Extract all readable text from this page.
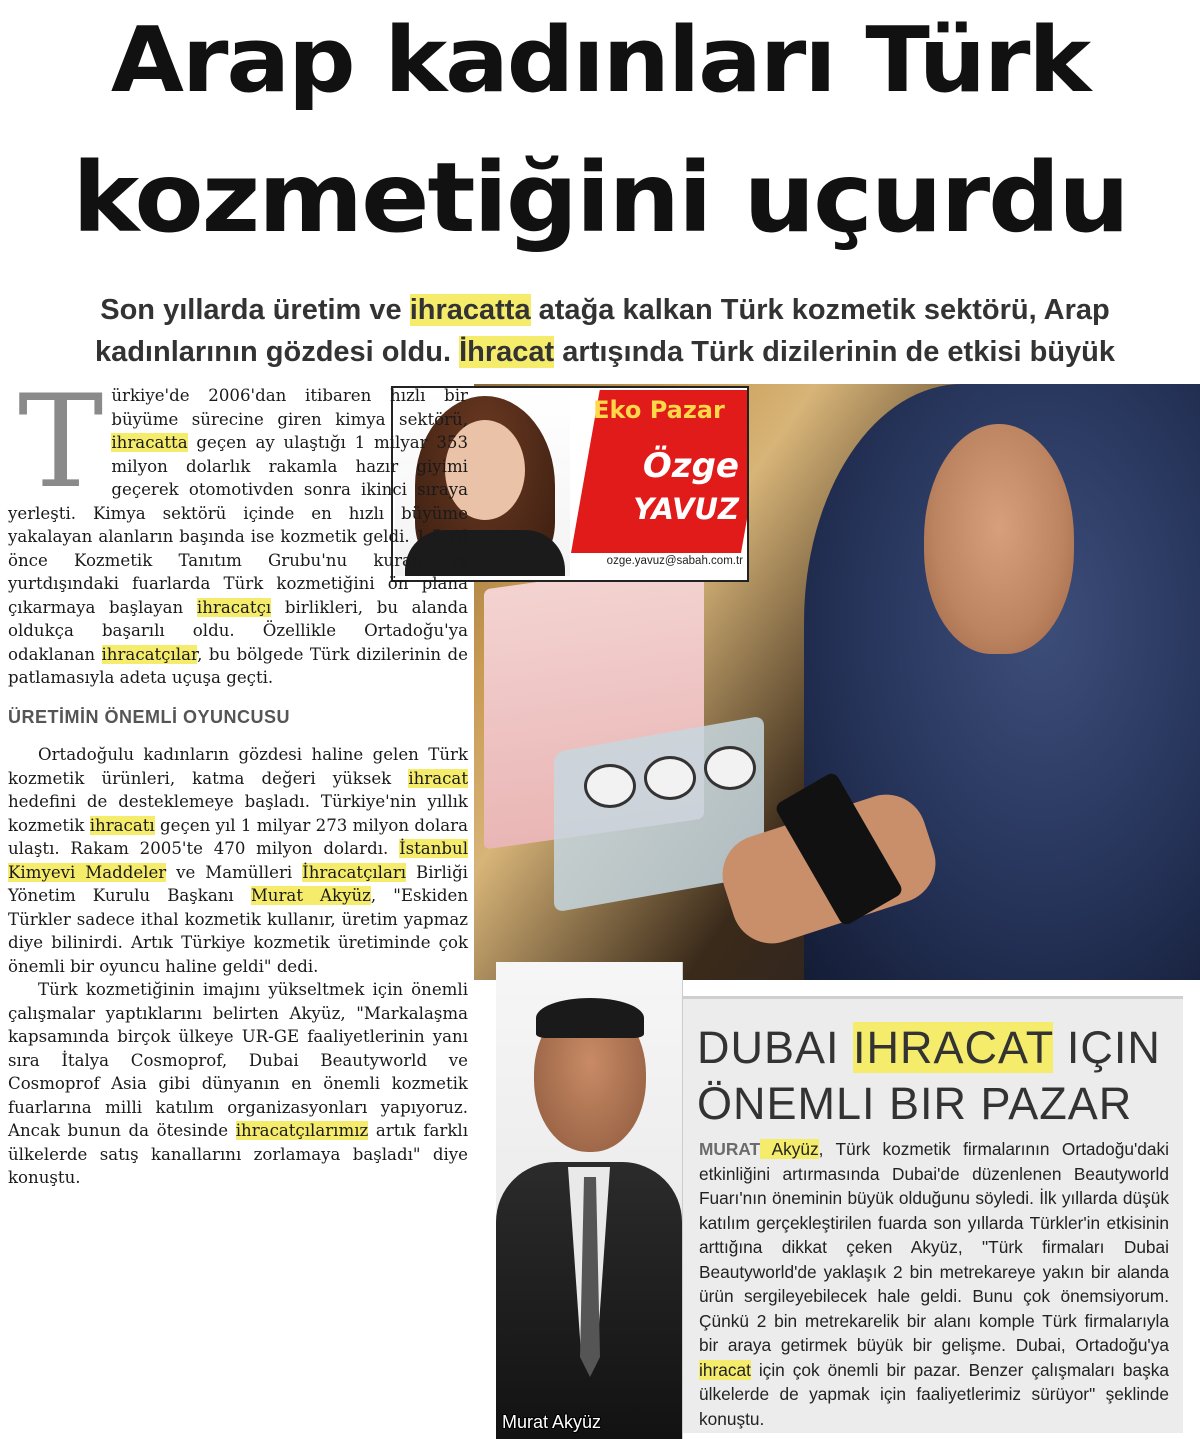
Arap kadınları Türk
kozmetiğini uçurdu
Son yıllarda üretim ve ihracatta atağa kalkan Türk kozmetik sektörü, Arap
kadınlarının gözdesi oldu. İhracat artışında Türk dizilerinin de etkisi büyük
Eko Pazar
Özge
YAVUZ
ozge.yavuz@sabah.com.tr

Türkiye'de 2006'dan itibaren hızlı bir büyüme sürecine giren kimya sektörü, ihracatta geçen ay ulaştığı 1 milyar 353 milyon dolarlık rakamla hazır giyimi geçerek otomotivden sonra ikinci sıraya yerleşti. Kimya sektörü içinde en hızlı büyüme yakalayan alanların başında ise kozmetik geldi. 1.5 yıl önce Kozmetik Tanıtım Grubu'nu kuran ve yurtdışındaki fuarlarda Türk kozmetiğini ön plana çıkarmaya başlayan ihracatçı birlikleri, bu alanda oldukça başarılı oldu. Özellikle Ortadoğu'ya odaklanan ihracatçılar, bu bölgede Türk dizilerinin de patlamasıyla adeta uçuşa geçti.

ÜRETİMİN ÖNEMLİ OYUNCUSU

Ortadoğulu kadınların gözdesi haline gelen Türk kozmetik ürünleri, katma değeri yüksek ihracat hedefini de desteklemeye başladı. Türkiye'nin yıllık kozmetik ihracatı geçen yıl 1 milyar 273 milyon dolara ulaştı. Rakam 2005'te 470 milyon dolardı. İstanbul Kimyevi Maddeler ve Mamülleri İhracatçıları Birliği Yönetim Kurulu Başkanı Murat Akyüz, "Eskiden Türkler sadece ithal kozmetik kullanır, üretim yapmaz diye bilinirdi. Artık Türkiye kozmetik üretiminde çok önemli bir oyuncu haline geldi" dedi.

Türk kozmetiğinin imajını yükseltmek için önemli çalışmalar yaptıklarını belirten Akyüz, "Markalaşma kapsamında birçok ülkeye UR-GE faaliyetlerinin yanı sıra İtalya Cosmoprof, Dubai Beautyworld ve Cosmoprof Asia gibi dünyanın en önemli kozmetik fuarlarına milli katılım organizasyonları yapıyoruz. Ancak bunun da ötesinde ihracatçılarımız artık farklı ülkelerde satış kanallarını zorlamaya başladı" diye konuştu.

Murat Akyüz
DUBAI IHRACAT IÇIN
ÖNEMLI BIR PAZAR
MURAT Akyüz, Türk kozmetik firmalarının Ortadoğu'daki etkinliğini artırmasında Dubai'de düzenlenen Beautyworld Fuarı'nın öneminin büyük olduğunu söyledi. İlk yıllarda düşük katılım gerçekleştirilen fuarda son yıllarda Türkler'in etkisinin arttığına dikkat çeken Akyüz, "Türk firmaları Dubai Beautyworld'de yaklaşık 2 bin metrekareye yakın bir alanda ürün sergileyebilecek hale geldi. Bunu çok önemsiyorum. Çünkü 2 bin metrekarelik bir alanı komple Türk firmalarıyla bir araya getirmek büyük bir gelişme. Dubai, Ortadoğu'ya ihracat için çok önemli bir pazar. Benzer çalışmaları başka ülkelerde de yapmak için faaliyetlerimiz sürüyor" şeklinde konuştu.
